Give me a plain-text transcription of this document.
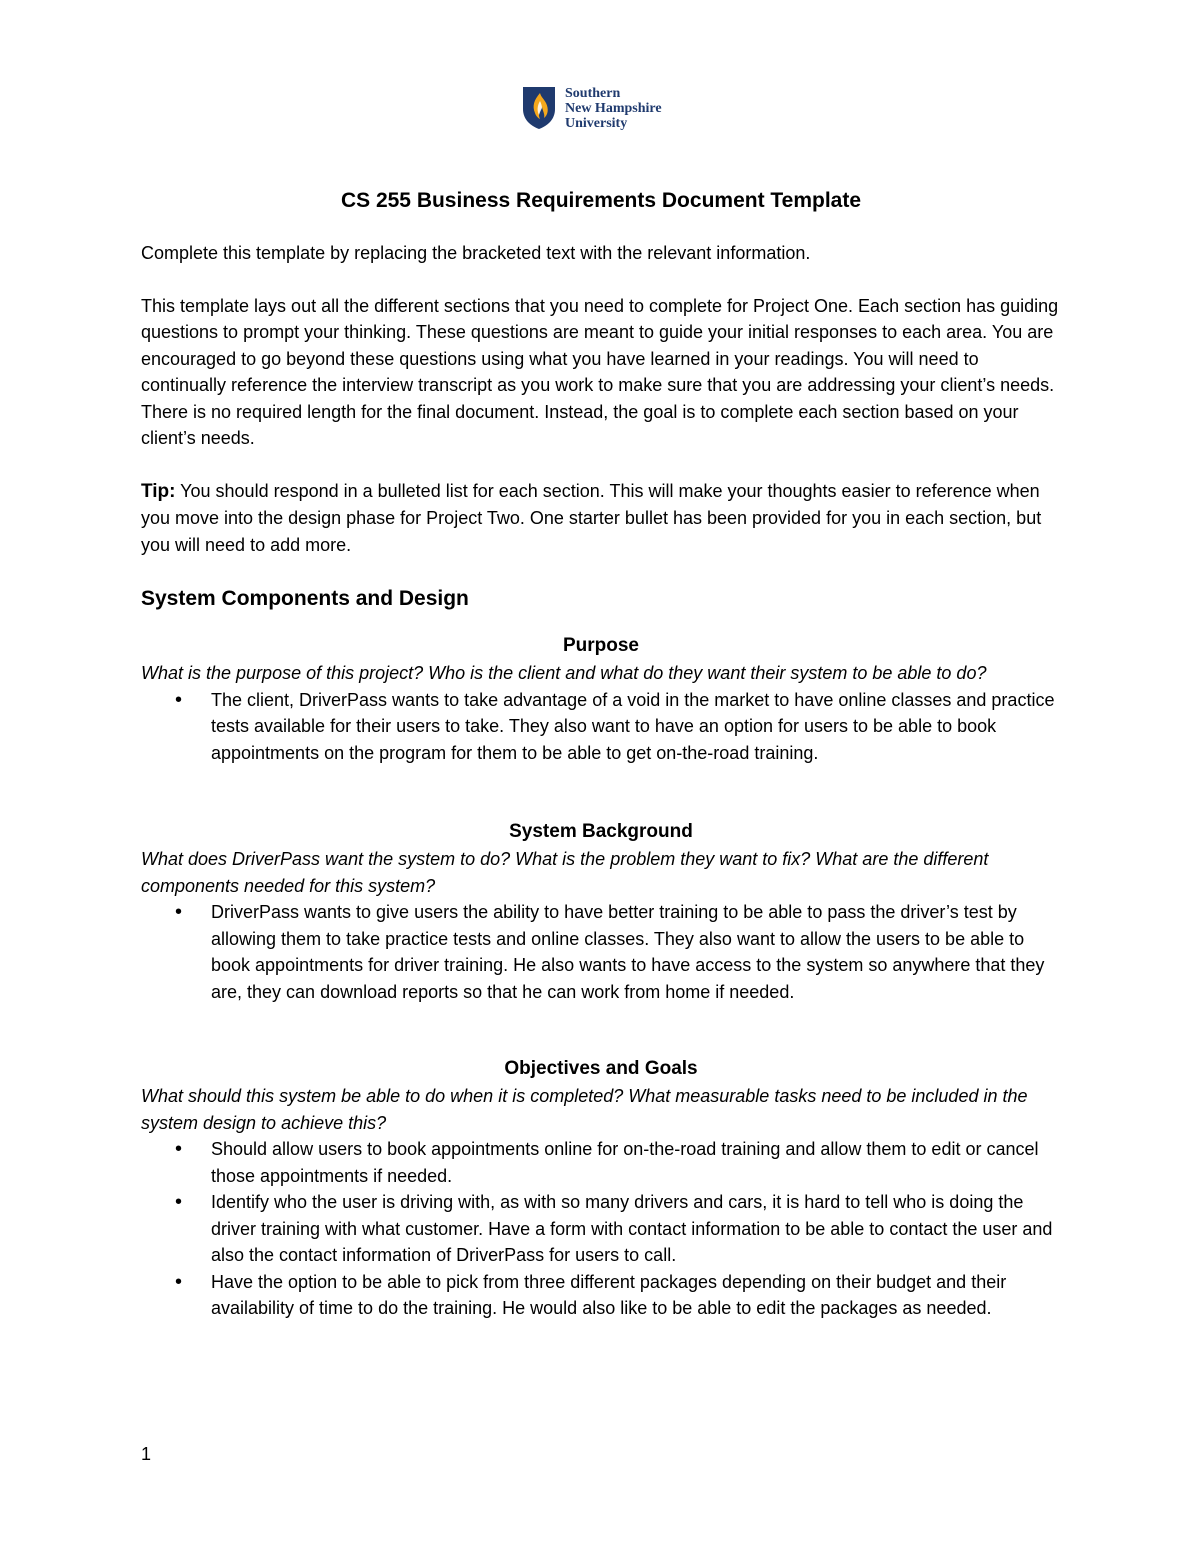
Southern
New Hampshire
University
CS 255 Business Requirements Document Template

Complete this template by replacing the bracketed text with the relevant information.

This template lays out all the different sections that you need to complete for Project One. Each section has guiding questions to prompt your thinking. These questions are meant to guide your initial responses to each area. You are encouraged to go beyond these questions using what you have learned in your readings. You will need to continually reference the interview transcript as you work to make sure that you are addressing your client’s needs. There is no required length for the final document. Instead, the goal is to complete each section based on your client’s needs.

Tip: You should respond in a bulleted list for each section. This will make your thoughts easier to reference when you move into the design phase for Project Two. One starter bullet has been provided for you in each section, but you will need to add more.

System Components and Design
Purpose
What is the purpose of this project? Who is the client and what do they want their system to be able to do?
• The client, DriverPass wants to take advantage of a void in the market to have online classes and practice tests available for their users to take. They also want to have an option for users to be able to book appointments on the program for them to be able to get on-the-road training.
System Background
What does DriverPass want the system to do? What is the problem they want to fix? What are the different components needed for this system?
• DriverPass wants to give users the ability to have better training to be able to pass the driver’s test by allowing them to take practice tests and online classes. They also want to allow the users to be able to book appointments for driver training. He also wants to have access to the system so anywhere that they are, they can download reports so that he can work from home if needed.
Objectives and Goals
What should this system be able to do when it is completed? What measurable tasks need to be included in the system design to achieve this?
• Should allow users to book appointments online for on-the-road training and allow them to edit or cancel those appointments if needed.
• Identify who the user is driving with, as with so many drivers and cars, it is hard to tell who is doing the driver training with what customer. Have a form with contact information to be able to contact the user and also the contact information of DriverPass for users to call.
• Have the option to be able to pick from three different packages depending on their budget and their availability of time to do the training. He would also like to be able to edit the packages as needed.
1
